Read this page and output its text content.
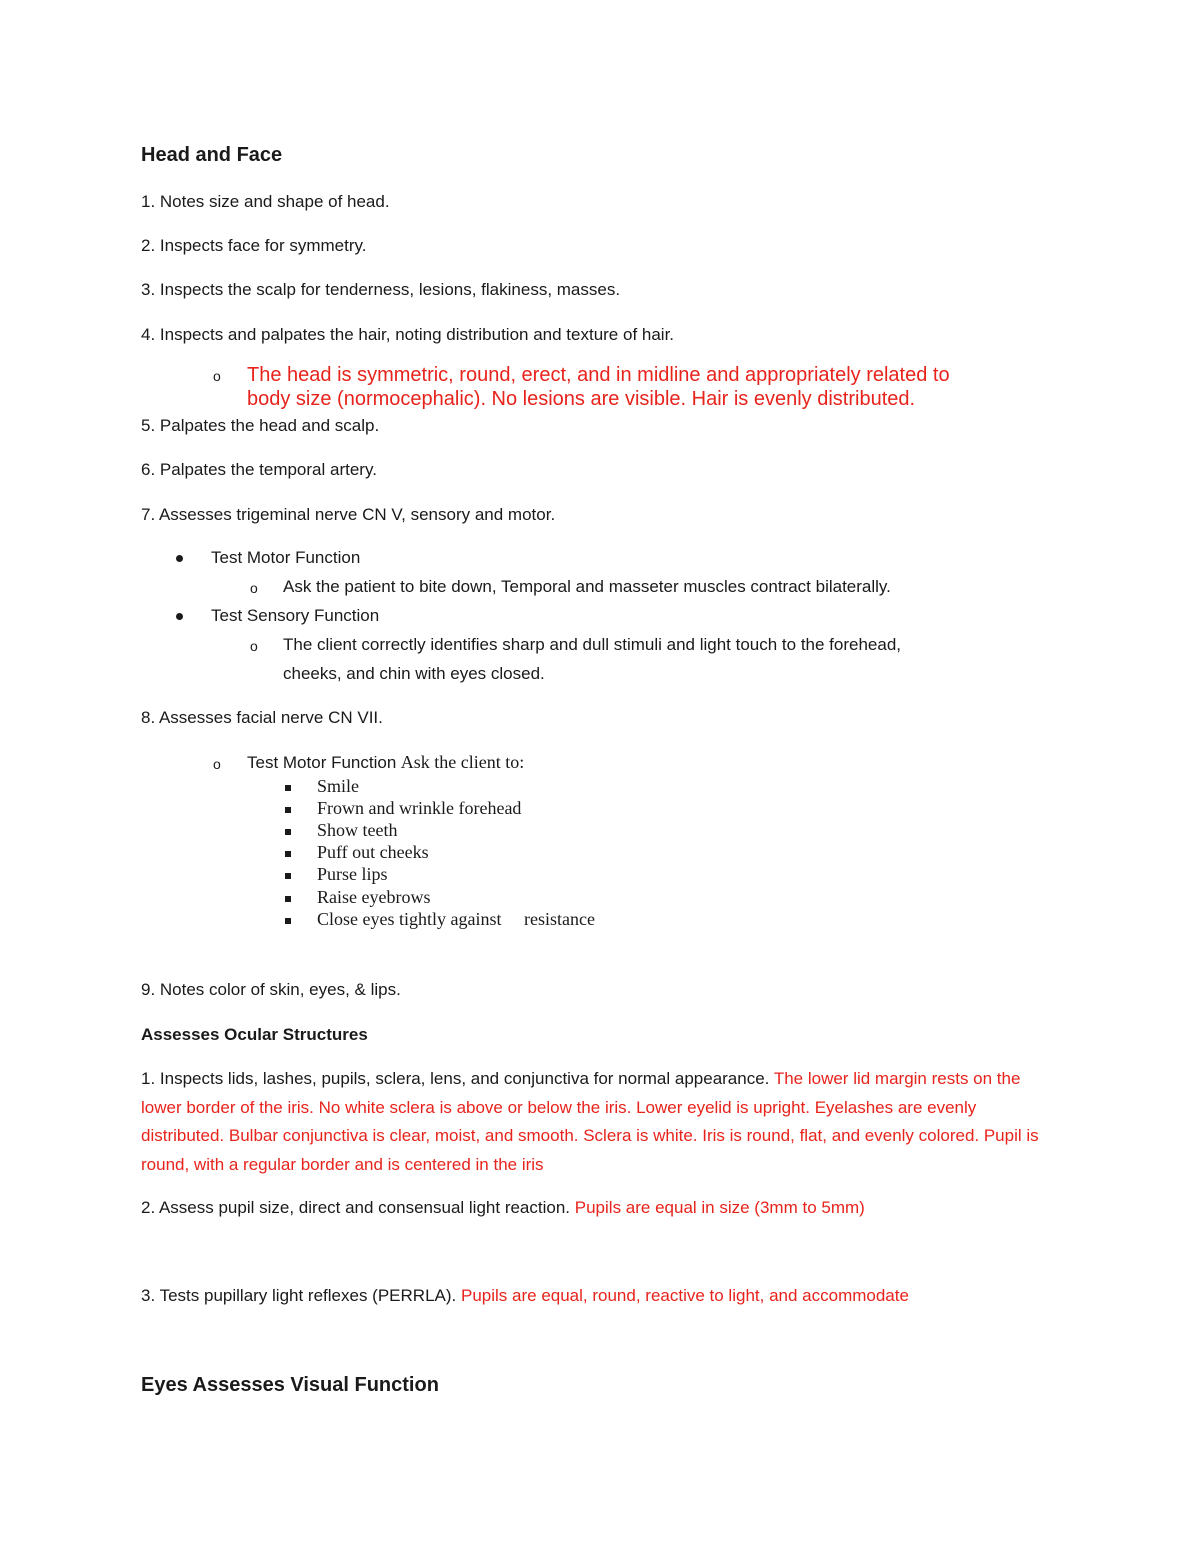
Head and Face
1. Notes size and shape of head.
2. Inspects face for symmetry.
3. Inspects the scalp for tenderness, lesions, flakiness, masses.
4. Inspects and palpates the hair, noting distribution and texture of hair.
o The head is symmetric, round, erect, and in midline and appropriately related to
body size (normocephalic). No lesions are visible. Hair is evenly distributed.
5. Palpates the head and scalp.
6. Palpates the temporal artery.
7. Assesses trigeminal nerve CN V, sensory and motor.
Test Motor Function
o Ask the patient to bite down, Temporal and masseter muscles contract bilaterally.
Test Sensory Function
o The client correctly identifies sharp and dull stimuli and light touch to the forehead,
cheeks, and chin with eyes closed.
8. Assesses facial nerve CN VII.
o Test Motor Function Ask the client to:
Smile
Frown and wrinkle forehead
Show teeth
Puff out cheeks
Purse lips
Raise eyebrows
Close eyes tightly against     resistance
9. Notes color of skin, eyes, & lips.
Assesses Ocular Structures
1. Inspects lids, lashes, pupils, sclera, lens, and conjunctiva for normal appearance. The lower lid margin rests on the lower border of the iris. No white sclera is above or below the iris. Lower eyelid is upright. Eyelashes are evenly distributed. Bulbar conjunctiva is clear, moist, and smooth. Sclera is white. Iris is round, flat, and evenly colored. Pupil is round, with a regular border and is centered in the iris
2. Assess pupil size, direct and consensual light reaction. Pupils are equal in size (3mm to 5mm)
3. Tests pupillary light reflexes (PERRLA). Pupils are equal, round, reactive to light, and accommodate
Eyes Assesses Visual Function
